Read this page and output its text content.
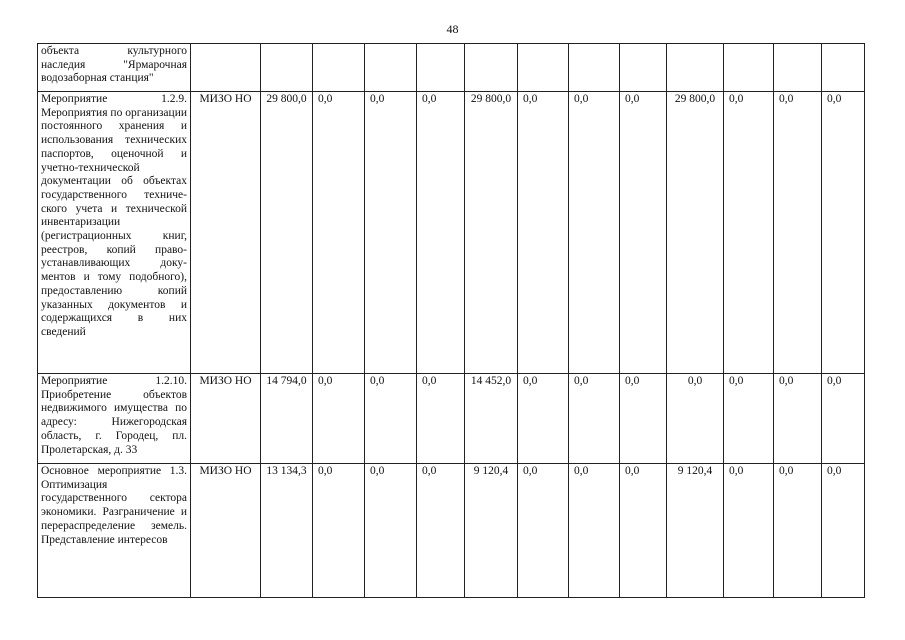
48
объекта культурного наследия "Ярмарочная водозаборная станция"													
Мероприятие 1.2.9. Мероприятия по организации постоянного хранения и использования технических паспортов, оценочной и учетно-технической документации об объектах государственного технического учета и технической инвентаризации (регистрационных книг, реестров, копий правоустанавливающих документов и тому подобного), предоставлению копий указанных документов и содержащихся в них сведений	МИЗО НО	29 800,0	0,0	0,0	0,0	29 800,0	0,0	0,0	0,0	29 800,0	0,0	0,0	0,0
Мероприятие 1.2.10. Приобретение объектов недвижимого имущества по адресу: Нижегородская область, г. Городец, пл. Пролетарская, д. 33	МИЗО НО	14 794,0	0,0	0,0	0,0	14 452,0	0,0	0,0	0,0	0,0	0,0	0,0	0,0
Основное мероприятие 1.3. Оптимизация государственного сектора экономики. Разграничение и перераспределение земель. Представление интересов	МИЗО НО	13 134,3	0,0	0,0	0,0	9 120,4	0,0	0,0	0,0	9 120,4	0,0	0,0	0,0
